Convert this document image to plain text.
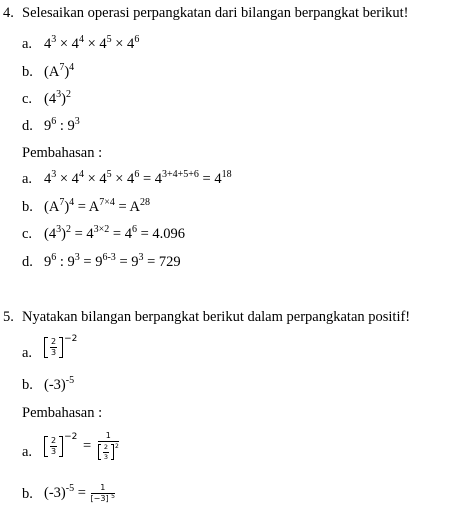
4. Selesaikan operasi perpangkatan dari bilangan berpangkat berikut!
a. $4^3 \times 4^4 \times 4^5 \times 4^6$
b. $(A^7)^4$
c. $(4^3)^2$
d. $9^6$ : $9^3$
Pembahasan :
a. $4^3 \times 4^4 \times 4^5 \times 4^6 = 4^{3+4+5+6} = 4^{18}$
b. $(A^7)^4 = A^{7\times 4} = A^{28}$
c. $(4^3)^2 = 4^{3\times 2} = 4^6 = 4.096$
d. $9^6$ : $9^3 = 9^{6-3} = 9^3 = 729$
5. Nyatakan bilangan berpangkat berikut dalam perpangkatan positif!
a. $\frac{2}{3} ^{-2}$
b. $(-3)^{-5}$
Pembahasan :
a. $\frac{2}{3} ^{-2} = \frac{1}{\frac{2}{3} ^2}$
b. $(-3)^{-5} = \frac{1}{[-3] ^5}$
